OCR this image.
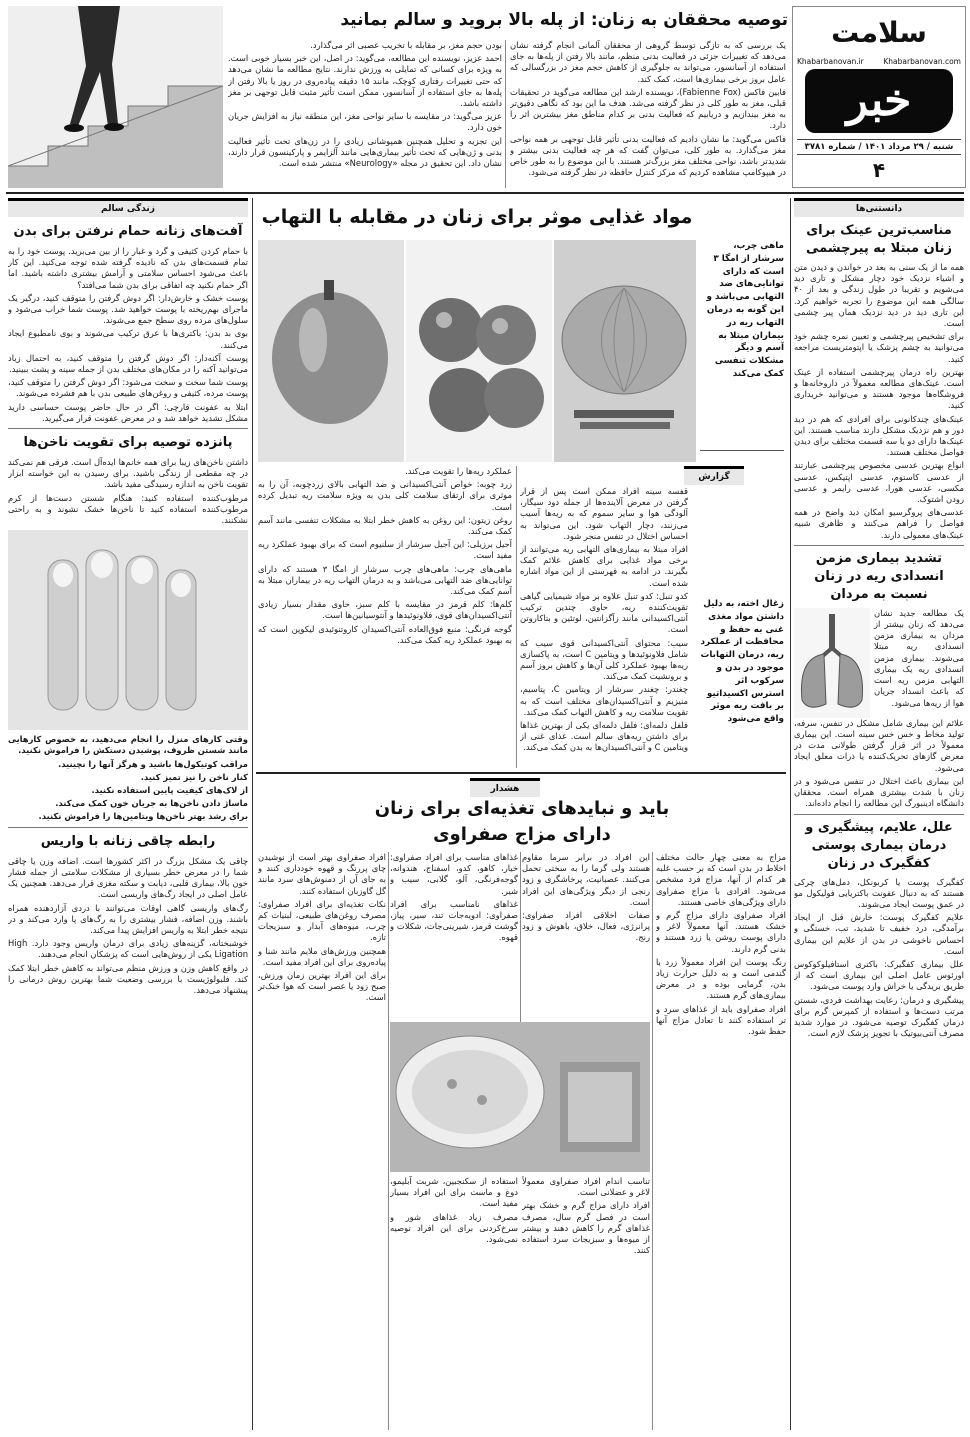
سلامت
Khabarbanovan.ir	Khabarbanovan.com
خبر
شنبه / ۲۹ مرداد ۱۴۰۱ / شماره ۳۷۸۱
۴
توصیه محققان به زنان: از پله بالا بروید و سالم بمانید

یک بررسی که به تازگی توسط گروهی از محققان آلمانی انجام گرفته نشان می‌دهد که تغییرات جزئی در فعالیت بدنی منظم، مانند بالا رفتن از پله‌ها به جای استفاده از آسانسور، می‌تواند به جلوگیری از کاهش حجم مغز در بزرگسالی که عامل بروز برخی بیماری‌ها است، کمک کند.

فابین فاکس (Fabienne Fox)، نویسنده ارشد این مطالعه می‌گوید در تحقیقات قبلی، مغز به طور کلی در نظر گرفته می‌شد. هدف ما این بود که نگاهی دقیق‌تر به مغز بیندازیم و دریابیم که فعالیت بدنی بر کدام مناطق مغز بیشترین اثر را دارد.

فاکس می‌گوید: ما نشان دادیم که فعالیت بدنی تأثیر قابل توجهی بر همه نواحی مغز می‌گذارد. به طور کلی، می‌توان گفت که هر چه فعالیت بدنی بیشتر و شدیدتر باشد، نواحی مختلف مغز بزرگ‌تر هستند. با این موضوع را به طور خاص در هیپوکامپ مشاهده کردیم که مرکز کنترل حافظه در نظر گرفته می‌شود.

بودن حجم مغز، بر مقابله با تخریب عصبی اثر می‌گذارد.

احمد عزیز، نویسنده این مطالعه، می‌گوید: در اصل، این خبر بسیار خوبی است. به ویژه برای کسانی که تمایلی به ورزش ندارند. نتایج مطالعه ما نشان می‌دهد که حتی تغییرات رفتاری کوچک، مانند ۱۵ دقیقه پیاده‌روی در روز یا بالا رفتن از پله‌ها به جای استفاده از آسانسور، ممکن است تأثیر مثبت قابل توجهی بر مغز داشته باشد.

عزیز می‌گوید: در مقایسه با سایر نواحی مغز، این منطقه نیاز به افزایش جریان خون دارد.

این تجزیه و تحلیل همچنین همپوشانی زیادی را در زن‌های تحت تأثیر فعالیت بدنی و ژن‌هایی که تحت تأثیر بیماری‌هایی مانند آلزایمر و پارکینسون قرار دارند، نشان داد. این تحقیق در مجله «Neurology» منتشر شده است.

زندگی سالم
آفت‌های زنانه حمام نرفتن برای بدن

با حمام کردن کثیفی و گرد و غبار را از بین می‌برید. پوست خود را به تمام قسمت‌های بدن که نادیده گرفته شده توجه می‌کنید. این کار باعث می‌شود احساس سلامتی و آرامش بیشتری داشته باشید. اما اگر حمام نکنید چه اتفاقی برای بدن شما می‌افتد؟

پوست خشک و خارش‌دار: اگر دوش گرفتن را متوقف کنید، درگیر یک ماجرای بهم‌ریخته با پوست خواهید شد. پوست شما خراب می‌شود و سلول‌های مرده روی سطح جمع می‌شوند.

بوی بد بدن: باکتری‌ها با عرق ترکیب می‌شوند و بوی نامطبوع ایجاد می‌کنند.

پوست آکنه‌دار: اگر دوش گرفتن را متوقف کنید، به احتمال زیاد می‌توانید آکنه را در مکان‌های مختلف بدن از جمله سینه و پشت ببینید.

پوست شما سخت و سخت می‌شود: اگر دوش گرفتن را متوقف کنید، پوست مرده، کثیفی و روغن‌های طبیعی بدن با هم فشرده می‌شوند.

ابتلا به عفونت قارچی: اگر در حال حاضر پوست حساسی دارید مشکل تشدید خواهد شد و در معرض عفونت قرار می‌گیرید.

پانزده توصیه برای تقویت ناخن‌ها

داشتن ناخن‌های زیبا برای همه خانم‌ها ایده‌آل است. فرقی هم نمی‌کند در چه مقطعی از زندگی باشید. برای رسیدن به این خواسته ابزار تقویت ناخن به اندازه رسیدگی مفید باشد.

مرطوب‌کننده استفاده کنید: هنگام شستن دست‌ها از کرم مرطوب‌کننده استفاده کنید تا ناخن‌ها خشک نشوند و به راحتی نشکنند.

وقتی کارهای منزل را انجام می‌دهید، به خصوص کارهایی مانند شستن ظروف، پوشیدن دستکش را فراموش نکنید.

مراقب کوتیکول‌ها باشید و هرگز آنها را نچینید.

کنار ناخن را نیز تمیز کنید.

از لاک‌های کیفیت پایین استفاده نکنید.

ماساژ دادن ناخن‌ها به جریان خون کمک می‌کند.

برای رشد بهتر ناخن‌ها ویتامین‌ها را فراموش نکنید.

رابطه چاقی زنانه با واریس

چاقی یک مشکل بزرگ در اکثر کشورها است. اضافه وزن یا چاقی شما را در معرض خطر بسیاری از مشکلات سلامتی از جمله فشار خون بالا، بیماری قلبی، دیابت و سکته مغزی قرار می‌دهد. همچنین یک عامل اصلی در ایجاد رگ‌های واریسی است.

رگ‌های واریسی گاهی اوقات می‌توانند با دردی آزاردهنده همراه باشند. وزن اضافه، فشار بیشتری را به رگ‌های پا وارد می‌کند و در نتیجه خطر ابتلا به واریس افزایش پیدا می‌کند.

خوشبختانه، گزینه‌های زیادی برای درمان واریس وجود دارد. High Ligation یکی از روش‌هایی است که پزشکان انجام می‌دهند.

در واقع کاهش وزن و ورزش منظم می‌تواند به کاهش خطر ابتلا کمک کند. فلبولوژیست با بررسی وضعیت شما بهترین روش درمانی را پیشنهاد می‌دهد.

مواد غذایی موثر برای زنان در مقابله با التهاب
ماهی چرب، سرشار از امگا ۳ است که دارای توانایی‌های ضد التهابی می‌باشد و این گونه به درمان التهاب ریه در بیماران مبتلا به آسم و دیگر مشکلات تنفسی کمک می‌کند
گزارش

قفسه سینه افراد ممکن است پس از قرار گرفتن در معرض آلاینده‌ها از جمله دود سیگار، آلودگی هوا و سایر سموم که به ریه‌ها آسیب می‌زنند، دچار التهاب شود. این می‌تواند به احساس اختلال در تنفس منجر شود.

افراد مبتلا به بیماری‌های التهابی ریه می‌توانند از برخی مواد غذایی برای کاهش علائم کمک بگیرند. در ادامه به فهرستی از این مواد اشاره شده است.

کدو تنبل: کدو تنبل علاوه بر مواد شیمیایی گیاهی تقویت‌کننده ریه، حاوی چندین ترکیب آنتی‌اکسیدانی مانند زآگزانتین، لوتئین و بتاکاروتن است.

سیب: محتوای آنتی‌اکسیدانی قوی سیب که شامل فلاونوئیدها و ویتامین C است، به پاکسازی ریه‌ها بهبود عملکرد کلی آن‌ها و کاهش بروز آسم و برونشیت کمک می‌کند.

چغندر: چغندر سرشار از ویتامین C، پتاسیم، منیزیم و آنتی‌اکسیدان‌های مختلف است که به تقویت سلامت ریه و کاهش التهاب کمک می‌کند.

فلفل دلمه‌ای: فلفل دلمه‌ای یکی از بهترین غذاها برای داشتن ریه‌های سالم است. غذای غنی از ویتامین C و آنتی‌اکسیدان‌ها به بدن کمک می‌کند.

زغال اخته، به دلیل داشتن مواد مغذی غنی به حفظ و محافظت از عملکرد ریه، درمان التهابات موجود در بدن و سرکوب اثر استرس اکسیداتیو بر بافت ریه موثر واقع می‌شود

عملکرد ریه‌ها را تقویت می‌کند.

زرد چوبه: خواص آنتی‌اکسیدانی و ضد التهابی بالای زردچوبه، آن را به موثری برای ارتقای سلامت کلی بدن به ویژه سلامت ریه تبدیل کرده است.

روغن زیتون: این روغن به کاهش خطر ابتلا به مشکلات تنفسی مانند آسم کمک می‌کند.

آجیل برزیلی: این آجیل سرشار از سلنیوم است که برای بهبود عملکرد ریه مفید است.

ماهی‌های چرب: ماهی‌های چرب سرشار از امگا ۳ هستند که دارای توانایی‌های ضد التهابی می‌باشد و به درمان التهاب ریه در بیماران مبتلا به آسم کمک می‌کند.

کلم‌ها: کلم قرمز در مقایسه با کلم سبز، حاوی مقدار بسیار زیادی آنتی‌اکسیدان‌های قوی، فلاونوئیدها و آنتوسیانین‌ها است.

گوجه فرنگی: منبع فوق‌العاده آنتی‌اکسیدان کاروتنوئیدی لیکوپن است که به بهبود عملکرد ریه کمک می‌کند.

هشدار
باید و نبایدهای تغذیه‌ای برای زنان
دارای مزاج صفراوی

مزاج به معنی چهار حالت مختلف اخلاط در بدن است که بر حسب غلبه هر کدام از آنها، مزاج فرد مشخص می‌شود. افرادی با مزاج صفراوی دارای ویژگی‌های خاصی هستند.

افراد صفراوی دارای مزاج گرم و خشک هستند. آنها معمولاً لاغر و دارای پوست روشن یا زرد هستند و بدنی گرم دارند.

رنگ پوست این افراد معمولاً زرد یا گندمی است و به دلیل حرارت زیاد بدن، گرمایی بوده و در معرض بیماری‌های گرم هستند.

افراد صفراوی باید از غذاهای سرد و تر استفاده کنند تا تعادل مزاج آنها حفظ شود.

این افراد در برابر سرما مقاوم هستند ولی گرما را به سختی تحمل می‌کنند. عصبانیت، پرخاشگری و زود رنجی از دیگر ویژگی‌های این افراد است.

صفات اخلاقی افراد صفراوی: پرانرژی، فعال، خلاق، باهوش و زود رنج.

غذاهای مناسب برای افراد صفراوی: خیار، کاهو، کدو، اسفناج، هندوانه، گوجه‌فرنگی، آلو، گلابی، سیب و شیر.

غذاهای نامناسب برای افراد صفراوی: ادویه‌جات تند، سیر، پیاز، گوشت قرمز، شیرینی‌جات، شکلات و قهوه.

تناسب اندام افراد صفراوی معمولاً لاغر و عضلانی است.

افراد دارای مزاج گرم و خشک بهتر است در فصل گرم سال، مصرف غذاهای گرم را کاهش دهند و بیشتر از میوه‌ها و سبزیجات سرد استفاده کنند.

استفاده از سکنجبین، شربت آبلیمو، دوغ و ماست برای این افراد بسیار مفید است.

مصرف زیاد غذاهای شور و سرخ‌کردنی برای این افراد توصیه نمی‌شود.

افراد صفراوی بهتر است از نوشیدن چای پررنگ و قهوه خودداری کنند و به جای آن از دمنوش‌های سرد مانند گل گاوزبان استفاده کنند.

نکات تغذیه‌ای برای افراد صفراوی: مصرف روغن‌های طبیعی، لبنیات کم چرب، میوه‌های آبدار و سبزیجات تازه.

همچنین ورزش‌های ملایم مانند شنا و پیاده‌روی برای این افراد مفید است.

برای این افراد بهترین زمان ورزش، صبح زود یا عصر است که هوا خنک‌تر است.

دانستنی‌ها
مناسب‌ترین عینک برای زنان مبتلا به پیرچشمی

همه ما از یک سنی به بعد در خواندن و دیدن متن و اشیاء نزدیک خود دچار مشکل و تاری دید می‌شویم و تقریبا در طول زندگی و بعد از ۴۰ سالگی همه این موضوع را تجربه خواهیم کرد. این تاری دید در دید نزدیک همان پیر چشمی است.

برای تشخیص پیرچشمی و تعیین نمره چشم خود می‌توانید به چشم پزشک یا اپتومتریست مراجعه کنید.

بهترین راه درمان پیرچشمی استفاده از عینک است. عینک‌های مطالعه معمولاً در داروخانه‌ها و فروشگاه‌ها موجود هستند و می‌توانید خریداری کنید.

عینک‌های چندکانونی برای افرادی که هم در دید دور و هم نزدیک مشکل دارند مناسب هستند. این عینک‌ها دارای دو یا سه قسمت مختلف برای دیدن فواصل مختلف هستند.

انواع بهترین عدسی مخصوص پیرچشمی عبارتند از عدسی کاستوم، عدسی اپتیکس، عدسی مکسی، عدسی هورا، عدسی رایمر و عدسی رودن اشتوک.

عدسی‌های پروگرسیو امکان دید واضح در همه فواصل را فراهم می‌کنند و ظاهری شبیه عینک‌های معمولی دارند.

تشدید بیماری مزمن انسدادی ریه در زنان نسبت به مردان

یک مطالعه جدید نشان می‌دهد که زنان بیشتر از مردان به بیماری مزمن انسدادی ریه مبتلا می‌شوند. بیماری مزمن انسدادی ریه یک بیماری التهابی مزمن ریه است که باعث انسداد جریان هوا از ریه‌ها می‌شود.

علائم این بیماری شامل مشکل در تنفس، سرفه، تولید مخاط و خس خس سینه است. این بیماری معمولاً در اثر قرار گرفتن طولانی مدت در معرض گازهای تحریک‌کننده یا ذرات معلق ایجاد می‌شود.

این بیماری باعث اختلال در تنفس می‌شود و در زنان با شدت بیشتری همراه است. محققان دانشگاه ادینبورگ این مطالعه را انجام داده‌اند.

علل، علایم، پیشگیری و درمان بیماری پوستی کفگیرک در زنان

کفگیرک پوست یا کربونکل، دمل‌های چرکی هستند که به دنبال عفونت باکتریایی فولیکول مو در عمق پوست ایجاد می‌شوند.

علایم کفگیرک پوست: خارش قبل از ایجاد برآمدگی، درد خفیف تا شدید، تب، خستگی و احساس ناخوشی در بدن از علایم این بیماری است.

علل بیماری کفگیرک: باکتری استافیلوکوکوس اورئوس عامل اصلی این بیماری است که از طریق بریدگی یا خراش وارد پوست می‌شود.

پیشگیری و درمان: رعایت بهداشت فردی، شستن مرتب دست‌ها و استفاده از کمپرس گرم برای درمان کفگیرک توصیه می‌شود. در موارد شدید مصرف آنتی‌بیوتیک با تجویز پزشک لازم است.
